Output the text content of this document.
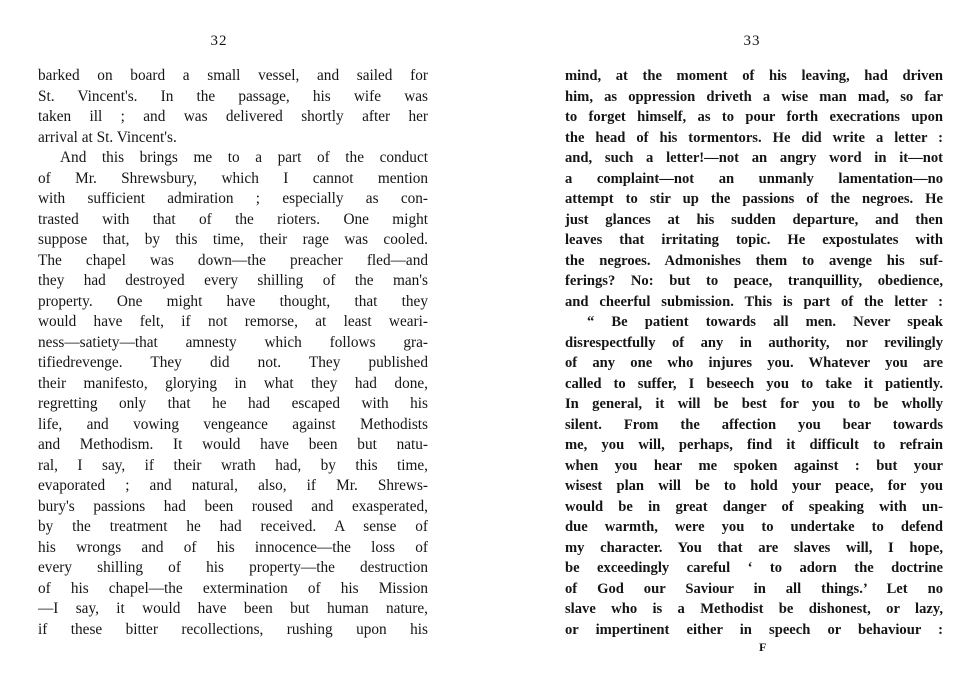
32
barked on board a small vessel, and sailed for
St. Vincent's. In the passage, his wife was
taken ill ; and was delivered shortly after her
arrival at St. Vincent's.
And this brings me to a part of the conduct
of Mr. Shrewsbury, which I cannot mention
with sufficient admiration ; especially as con-
trasted with that of the rioters. One might
suppose that, by this time, their rage was cooled.
The chapel was down—the preacher fled—and
they had destroyed every shilling of the man's
property. One might have thought, that they
would have felt, if not remorse, at least weari-
ness—satiety—that amnesty which follows gra-
tifiedrevenge. They did not. They published
their manifesto, glorying in what they had done,
regretting only that he had escaped with his
life, and vowing vengeance against Methodists
and Methodism. It would have been but natu-
ral, I say, if their wrath had, by this time,
evaporated ; and natural, also, if Mr. Shrews-
bury's passions had been roused and exasperated,
by the treatment he had received. A sense of
his wrongs and of his innocence—the loss of
every shilling of his property—the destruction
of his chapel—the extermination of his Mission
—I say, it would have been but human nature,
if these bitter recollections, rushing upon his
33
mind, at the moment of his leaving, had driven
him, as oppression driveth a wise man mad, so far
to forget himself, as to pour forth execrations upon
the head of his tormentors. He did write a letter :
and, such a letter!—not an angry word in it—not
a complaint—not an unmanly lamentation—no
attempt to stir up the passions of the negroes. He
just glances at his sudden departure, and then
leaves that irritating topic. He expostulates with
the negroes. Admonishes them to avenge his suf-
ferings? No: but to peace, tranquillity, obedience,
and cheerful submission. This is part of the letter :
“ Be patient towards all men. Never speak
disrespectfully of any in authority, nor revilingly
of any one who injures you. Whatever you are
called to suffer, I beseech you to take it patiently.
In general, it will be best for you to be wholly
silent. From the affection you bear towards
me, you will, perhaps, find it difficult to refrain
when you hear me spoken against : but your
wisest plan will be to hold your peace, for you
would be in great danger of speaking with un-
due warmth, were you to undertake to defend
my character. You that are slaves will, I hope,
be exceedingly careful ‘ to adorn the doctrine
of God our Saviour in all things.’ Let no
slave who is a Methodist be dishonest, or lazy,
or impertinent either in speech or behaviour :
F
